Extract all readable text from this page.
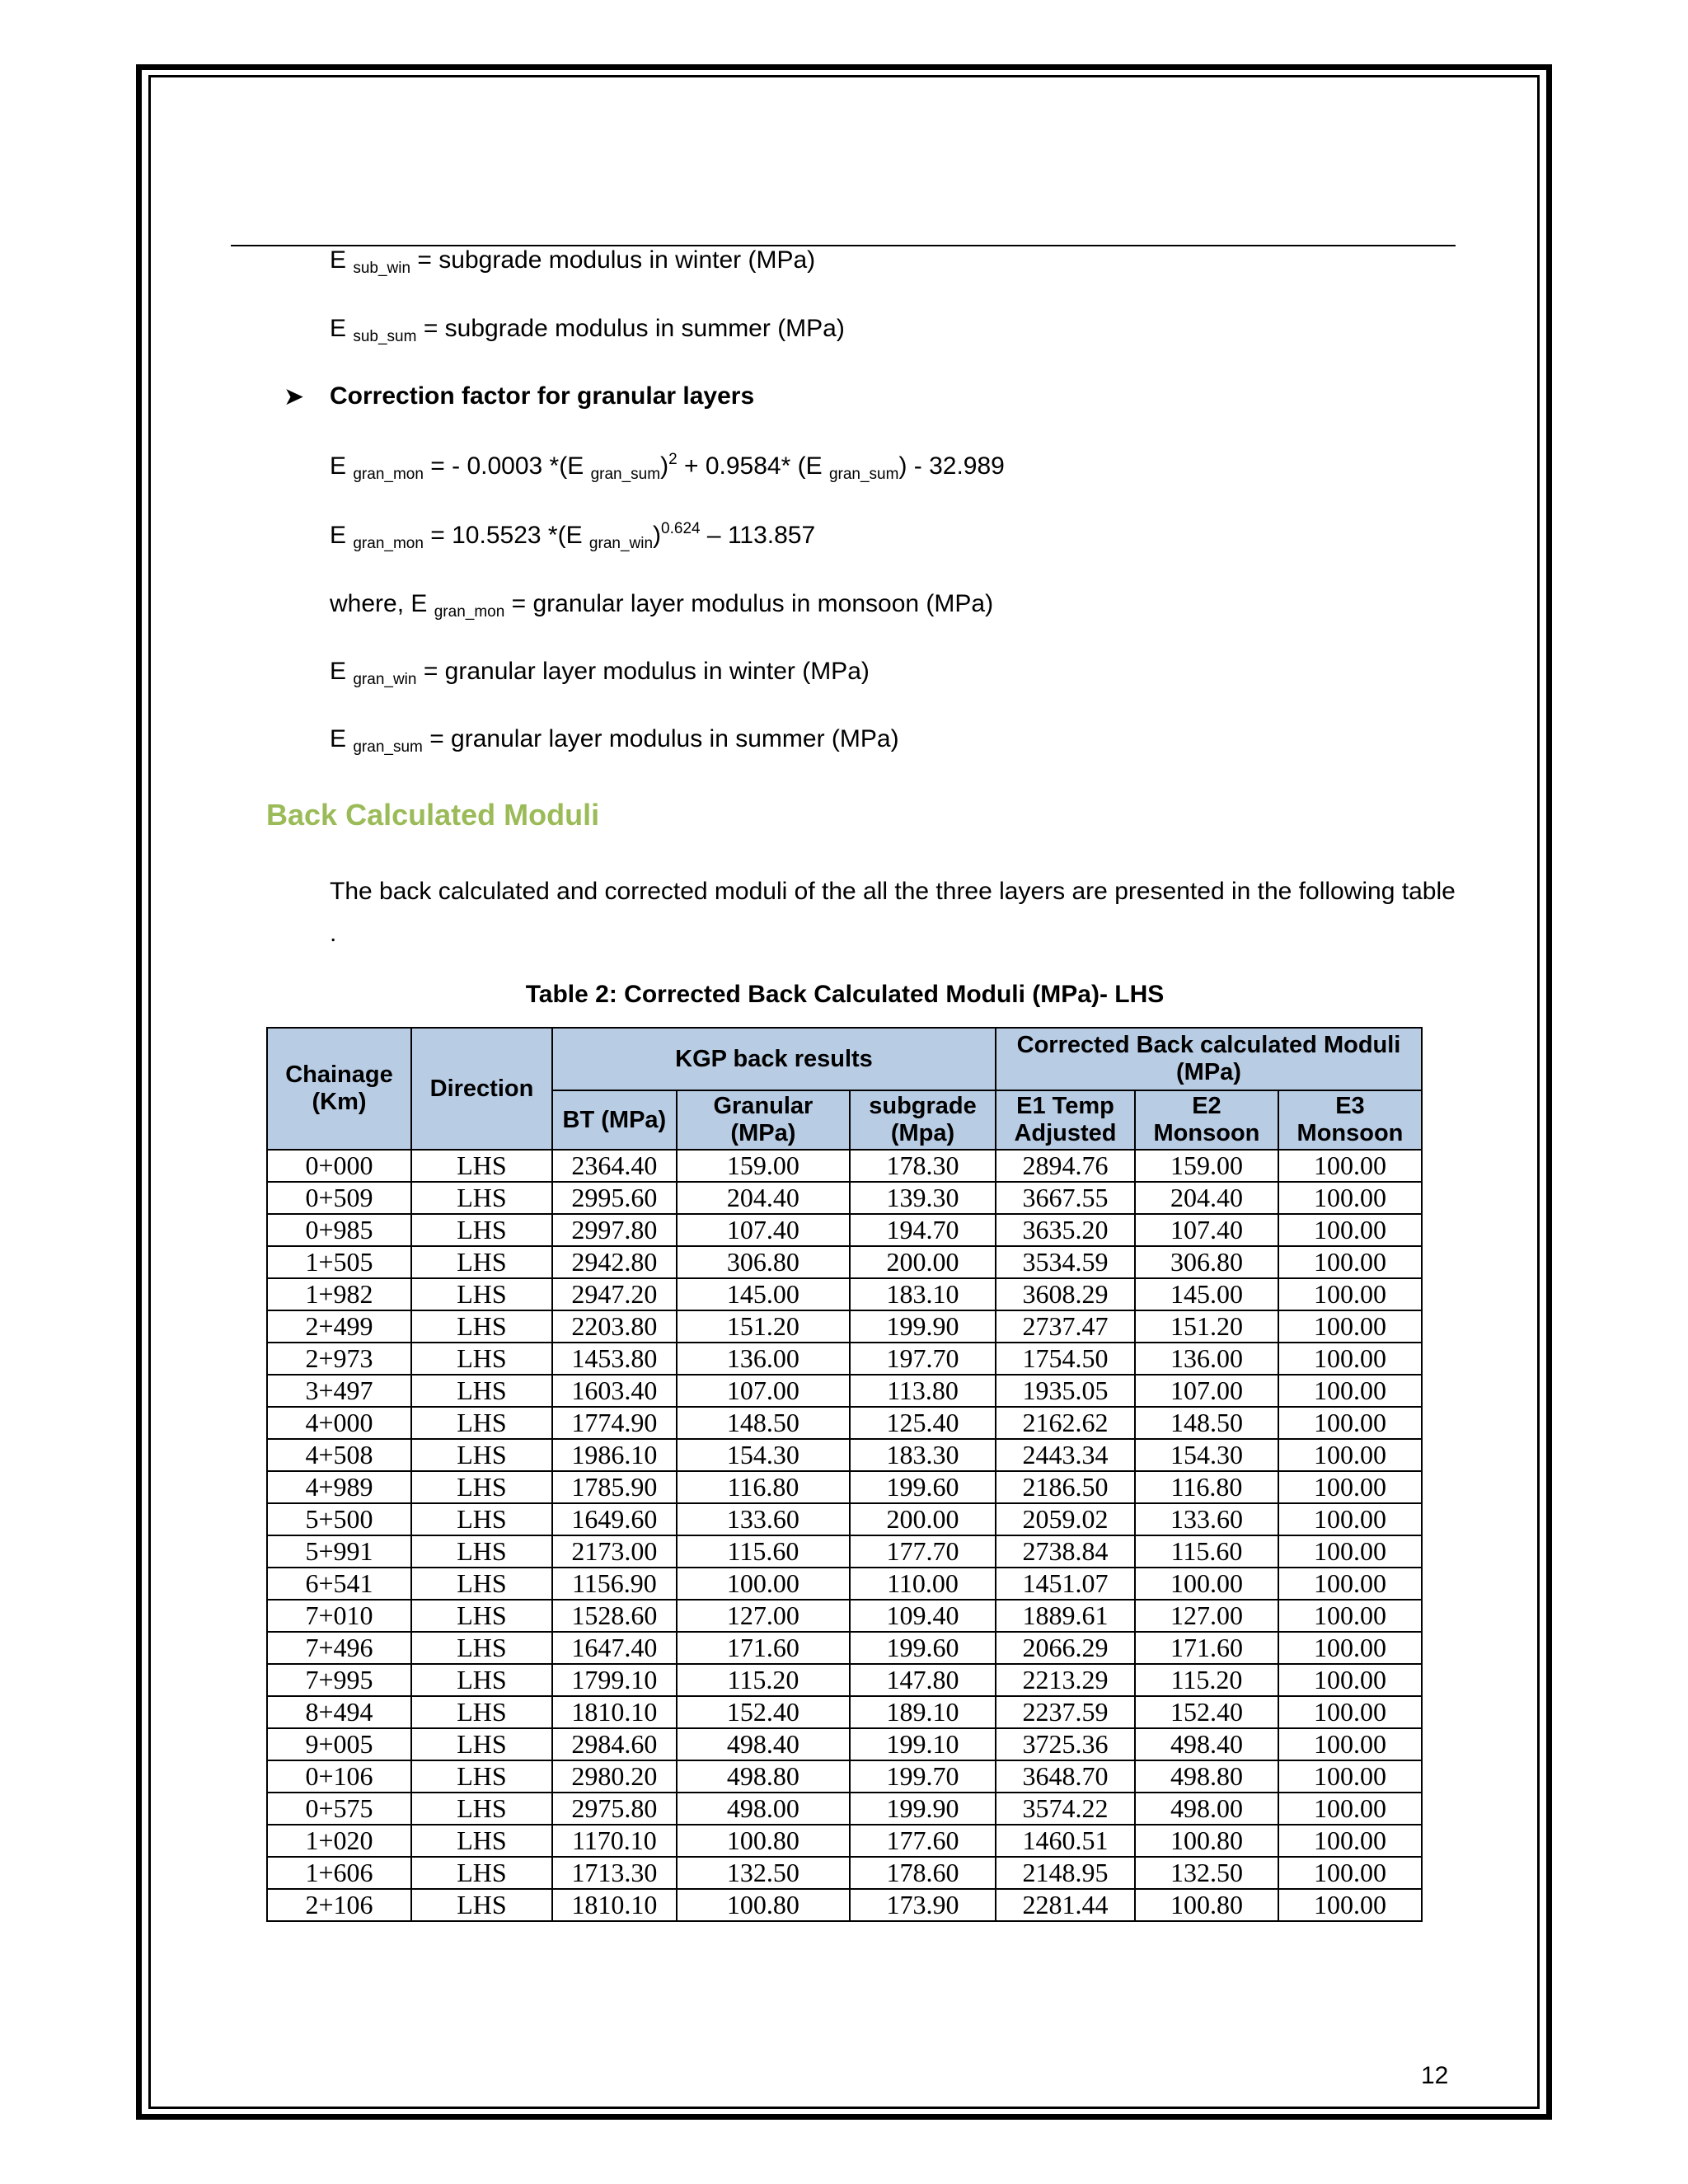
E $_{sub\_win}$ = subgrade modulus in winter (MPa)
E $_{sub\_sum}$ = subgrade modulus in summer (MPa)
➤ Correction factor for granular layers
E $_{gran\_mon}$ = - 0.0003 *(E $_{gran\_sum}$)$^2$ + 0.9584* (E $_{gran\_sum}$) - 32.989
E $_{gran\_mon}$ = 10.5523 *(E $_{gran\_win}$)$^{0.624}$ – 113.857
where, E $_{gran\_mon}$ = granular layer modulus in monsoon (MPa)
E $_{gran\_win}$ = granular layer modulus in winter (MPa)
E $_{gran\_sum}$ = granular layer modulus in summer (MPa)
Back Calculated Moduli
The back calculated and corrected moduli of the all the three layers are presented in the following table .
Table 2: Corrected Back Calculated Moduli (MPa)- LHS
Chainage (Km)	Direction	KGP back results			Corrected Back calculated Moduli (MPa)		
		BT (MPa)	Granular (MPa)	subgrade (Mpa)	E1 Temp Adjusted	E2 Monsoon	E3 Monsoon
0+000	LHS	2364.40	159.00	178.30	2894.76	159.00	100.00
0+509	LHS	2995.60	204.40	139.30	3667.55	204.40	100.00
0+985	LHS	2997.80	107.40	194.70	3635.20	107.40	100.00
1+505	LHS	2942.80	306.80	200.00	3534.59	306.80	100.00
1+982	LHS	2947.20	145.00	183.10	3608.29	145.00	100.00
2+499	LHS	2203.80	151.20	199.90	2737.47	151.20	100.00
2+973	LHS	1453.80	136.00	197.70	1754.50	136.00	100.00
3+497	LHS	1603.40	107.00	113.80	1935.05	107.00	100.00
4+000	LHS	1774.90	148.50	125.40	2162.62	148.50	100.00
4+508	LHS	1986.10	154.30	183.30	2443.34	154.30	100.00
4+989	LHS	1785.90	116.80	199.60	2186.50	116.80	100.00
5+500	LHS	1649.60	133.60	200.00	2059.02	133.60	100.00
5+991	LHS	2173.00	115.60	177.70	2738.84	115.60	100.00
6+541	LHS	1156.90	100.00	110.00	1451.07	100.00	100.00
7+010	LHS	1528.60	127.00	109.40	1889.61	127.00	100.00
7+496	LHS	1647.40	171.60	199.60	2066.29	171.60	100.00
7+995	LHS	1799.10	115.20	147.80	2213.29	115.20	100.00
8+494	LHS	1810.10	152.40	189.10	2237.59	152.40	100.00
9+005	LHS	2984.60	498.40	199.10	3725.36	498.40	100.00
0+106	LHS	2980.20	498.80	199.70	3648.70	498.80	100.00
0+575	LHS	2975.80	498.00	199.90	3574.22	498.00	100.00
1+020	LHS	1170.10	100.80	177.60	1460.51	100.80	100.00
1+606	LHS	1713.30	132.50	178.60	2148.95	132.50	100.00
2+106	LHS	1810.10	100.80	173.90	2281.44	100.80	100.00
12
